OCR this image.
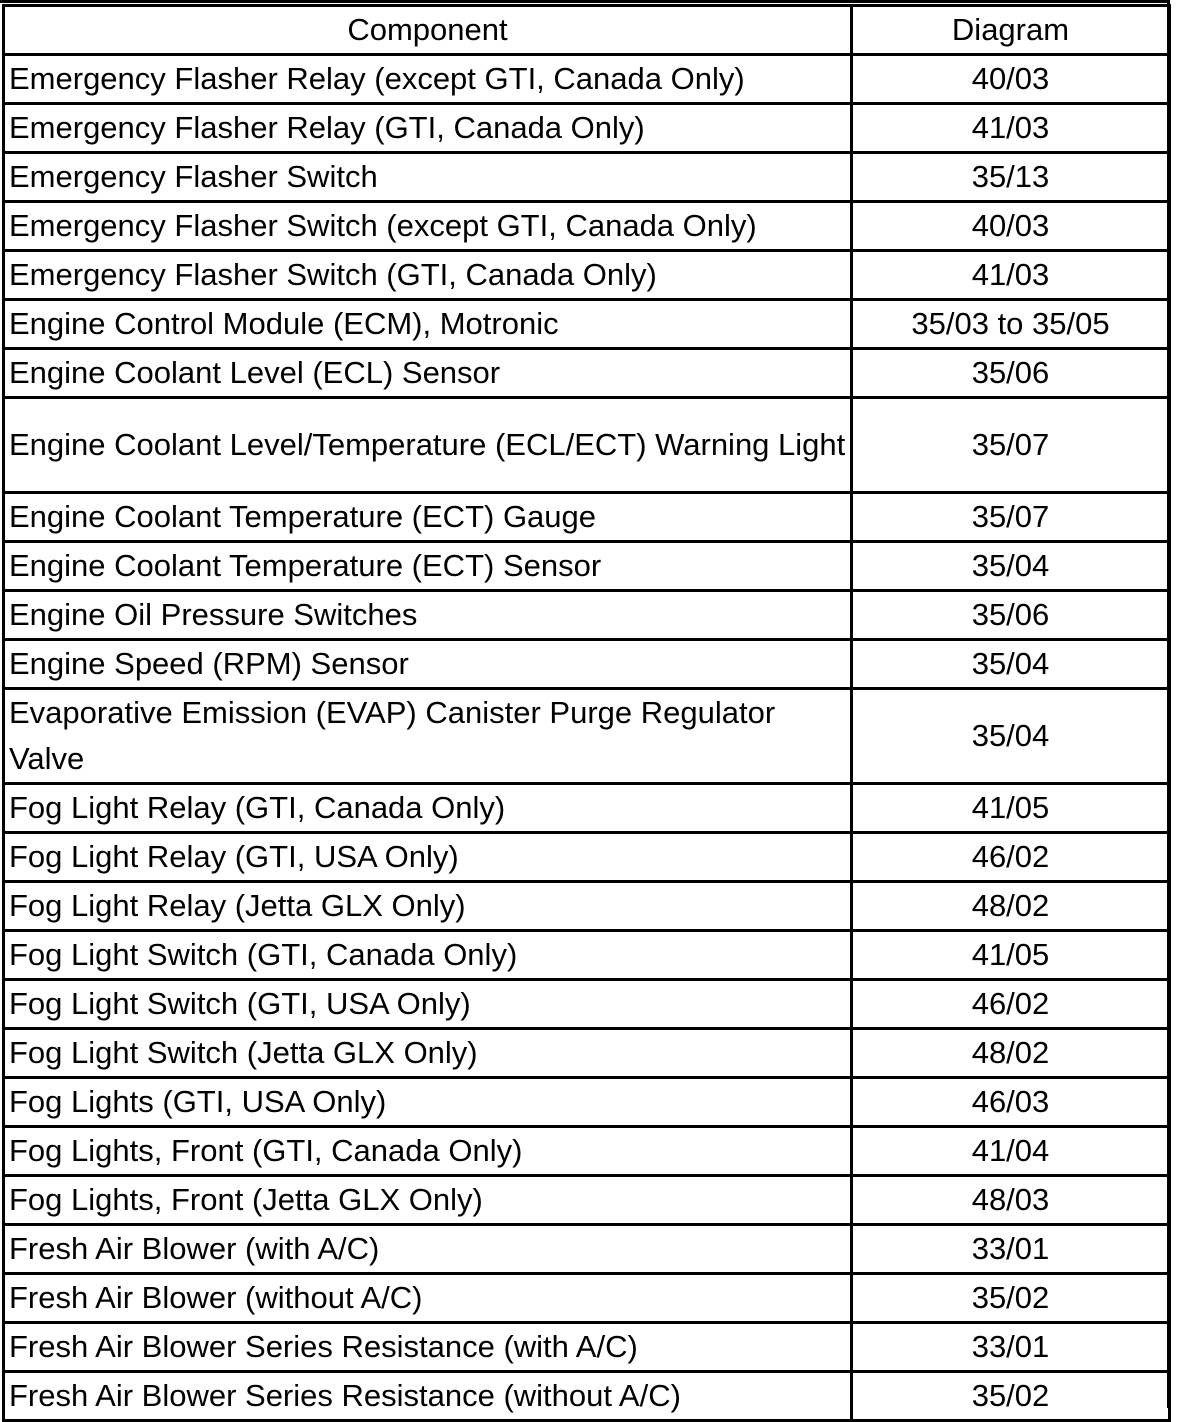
Component	Diagram
Emergency Flasher Relay (except GTI, Canada Only)	40/03
Emergency Flasher Relay (GTI, Canada Only)	41/03
Emergency Flasher Switch	35/13
Emergency Flasher Switch (except GTI, Canada Only)	40/03
Emergency Flasher Switch (GTI, Canada Only)	41/03
Engine Control Module (ECM), Motronic	35/03 to 35/05
Engine Coolant Level (ECL) Sensor	35/06
Engine Coolant Level/Temperature (ECL/ECT) Warning Light	35/07
Engine Coolant Temperature (ECT) Gauge	35/07
Engine Coolant Temperature (ECT) Sensor	35/04
Engine Oil Pressure Switches	35/06
Engine Speed (RPM) Sensor	35/04
Evaporative Emission (EVAP) Canister Purge Regulator Valve	35/04
Fog Light Relay (GTI, Canada Only)	41/05
Fog Light Relay (GTI, USA Only)	46/02
Fog Light Relay (Jetta GLX Only)	48/02
Fog Light Switch (GTI, Canada Only)	41/05
Fog Light Switch (GTI, USA Only)	46/02
Fog Light Switch (Jetta GLX Only)	48/02
Fog Lights (GTI, USA Only)	46/03
Fog Lights, Front (GTI, Canada Only)	41/04
Fog Lights, Front (Jetta GLX Only)	48/03
Fresh Air Blower (with A/C)	33/01
Fresh Air Blower (without A/C)	35/02
Fresh Air Blower Series Resistance (with A/C)	33/01
Fresh Air Blower Series Resistance (without A/C)	35/02
